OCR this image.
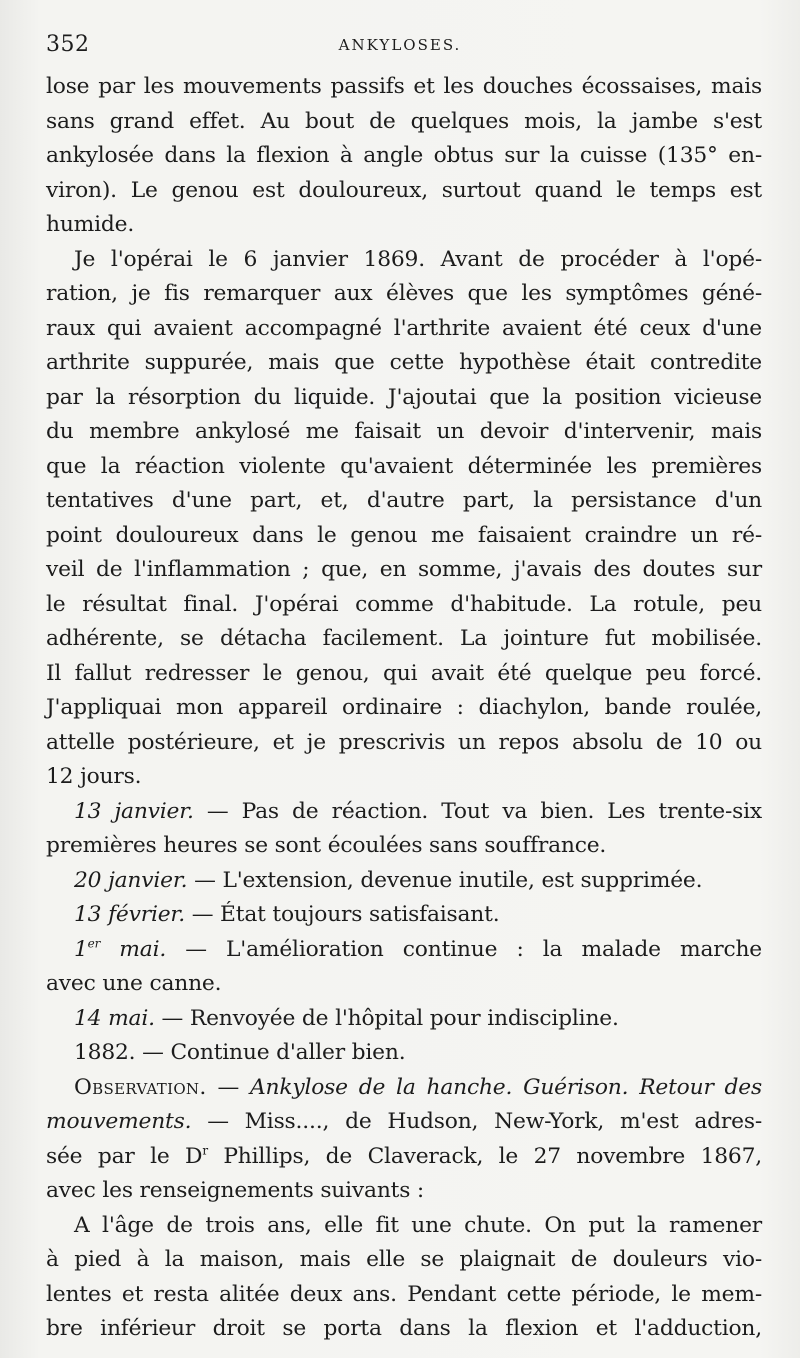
352	ANKYLOSES.
lose par les mouvements passifs et les douches écossaises, mais
sans grand effet. Au bout de quelques mois, la jambe s'est
ankylosée dans la flexion à angle obtus sur la cuisse (135° en-
viron). Le genou est douloureux, surtout quand le temps est
humide.
Je l'opérai le 6 janvier 1869. Avant de procéder à l'opé-
ration, je fis remarquer aux élèves que les symptômes géné-
raux qui avaient accompagné l'arthrite avaient été ceux d'une
arthrite suppurée, mais que cette hypothèse était contredite
par la résorption du liquide. J'ajoutai que la position vicieuse
du membre ankylosé me faisait un devoir d'intervenir, mais
que la réaction violente qu'avaient déterminée les premières
tentatives d'une part, et, d'autre part, la persistance d'un
point douloureux dans le genou me faisaient craindre un ré-
veil de l'inflammation ; que, en somme, j'avais des doutes sur
le résultat final. J'opérai comme d'habitude. La rotule, peu
adhérente, se détacha facilement. La jointure fut mobilisée.
Il fallut redresser le genou, qui avait été quelque peu forcé.
J'appliquai mon appareil ordinaire : diachylon, bande roulée,
attelle postérieure, et je prescrivis un repos absolu de 10 ou
12 jours.
13 janvier. — Pas de réaction. Tout va bien. Les trente-six
premières heures se sont écoulées sans souffrance.
20 janvier. — L'extension, devenue inutile, est supprimée.
13 février. — État toujours satisfaisant.
1er mai. — L'amélioration continue : la malade marche
avec une canne.
14 mai. — Renvoyée de l'hôpital pour indiscipline.
1882. — Continue d'aller bien.
Observation. — Ankylose de la hanche. Guérison. Retour des
mouvements. — Miss...., de Hudson, New-York, m'est adres-
sée par le $D^r$ Phillips, de Claverack, le 27 novembre 1867,
avec les renseignements suivants :
A l'âge de trois ans, elle fit une chute. On put la ramener
à pied à la maison, mais elle se plaignait de douleurs vio-
lentes et resta alitée deux ans. Pendant cette période, le mem-
bre inférieur droit se porta dans la flexion et l'adduction,
